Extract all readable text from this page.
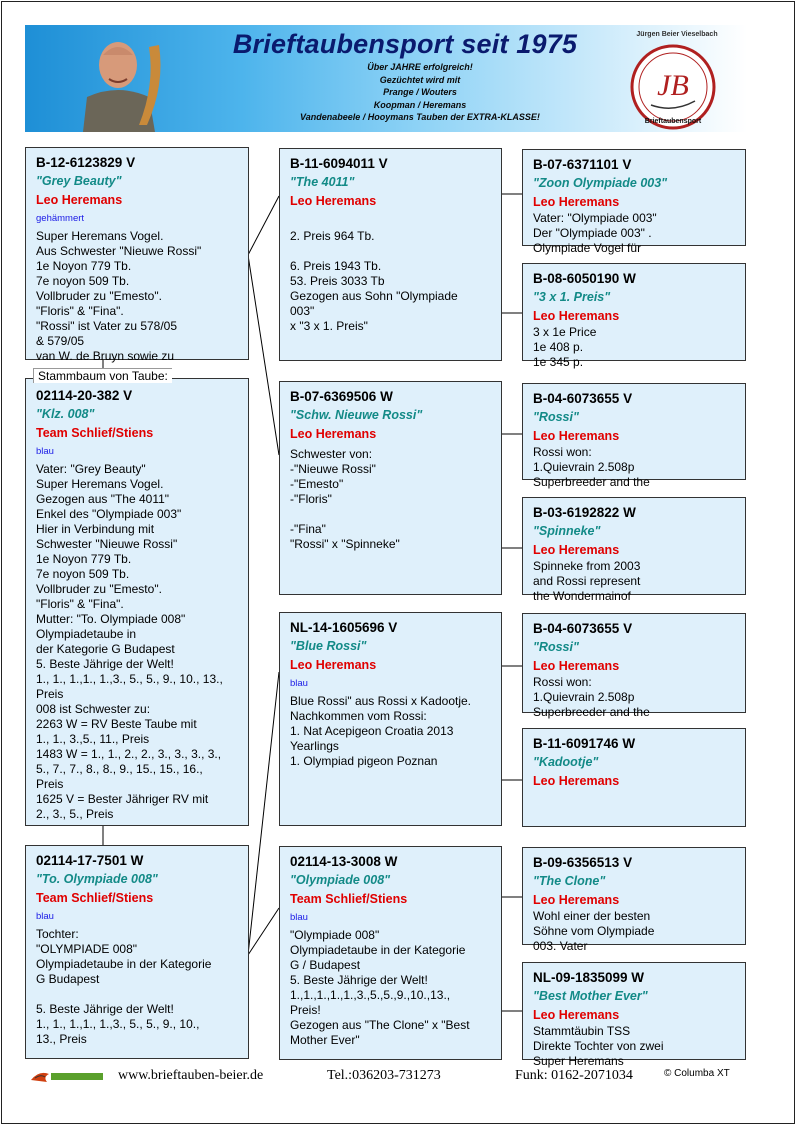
Brieftaubensport seit 1975
Über JAHRE erfolgreich!
Gezüchtet wird mit
Prange / Wouters
Koopman / Heremans
Vandenabeele / Hooymans Tauben der EXTRA-KLASSE!
Jürgen Beier Vieselbach
JB
Brieftaubensport
B-12-6123829 V
"Grey Beauty"
Leo Heremans
gehämmert
Super Heremans Vogel.
Aus Schwester "Nieuwe Rossi"
1e Noyon 779 Tb.
7e noyon 509 Tb.
Vollbruder zu "Emesto".
"Floris" & "Fina".
"Rossi" ist Vater zu 578/05
& 579/05
van W. de Bruyn sowie zu
02114-20-382 V
"Klz. 008"
Team Schlief/Stiens
blau
Vater: "Grey Beauty"
Super Heremans Vogel.
Gezogen aus "The 4011"
Enkel des "Olympiade 003"
Hier in Verbindung mit
Schwester "Nieuwe Rossi"
1e Noyon 779 Tb.
7e noyon 509 Tb.
Vollbruder zu "Emesto".
"Floris" & "Fina".
Mutter: "To. Olympiade 008"
Olympiadetaube in
der Kategorie G Budapest
5. Beste Jährige der Welt!
1., 1., 1.,1., 1.,3., 5., 5., 9., 10., 13.,
Preis
008 ist Schwester zu:
2263 W = RV Beste Taube mit
1., 1., 3.,5., 11., Preis
1483 W = 1., 1., 2., 2., 3., 3., 3., 3.,
5., 7., 7., 8., 8., 9., 15., 15., 16.,
Preis
1625 V = Bester Jähriger RV mit
2., 3., 5., Preis
Stammbaum von Taube:
02114-17-7501 W
"To. Olympiade 008"
Team Schlief/Stiens
blau
Tochter:
"OLYMPIADE 008"
Olympiadetaube in der Kategorie
G Budapest

5. Beste Jährige der Welt!
1., 1., 1.,1., 1.,3., 5., 5., 9., 10.,
13., Preis
B-11-6094011 V
"The 4011"
Leo Heremans

2. Preis 964 Tb.

6. Preis 1943 Tb.
53. Preis 3033 Tb
Gezogen aus Sohn "Olympiade
003"
x "3 x 1. Preis"
B-07-6369506 W
"Schw. Nieuwe Rossi"
Leo Heremans
Schwester von:
-"Nieuwe Rossi"
-"Emesto"
-"Floris"

-"Fina"
"Rossi" x "Spinneke"
NL-14-1605696 V
"Blue Rossi"
Leo Heremans
blau
Blue Rossi" aus Rossi x Kadootje.
Nachkommen vom Rossi:
1. Nat Acepigeon Croatia 2013
Yearlings
1. Olympiad pigeon Poznan
02114-13-3008 W
"Olympiade 008"
Team Schlief/Stiens
blau
"Olympiade 008"
Olympiadetaube in der Kategorie
G / Budapest
5. Beste Jährige der Welt!
1.,1.,1.,1.,1.,3.,5.,5.,9.,10.,13.,
Preis!
Gezogen aus "The Clone" x "Best
Mother Ever"
B-07-6371101 V
"Zoon Olympiade 003"
Leo Heremans
Vater: "Olympiade 003"
Der "Olympiade 003" .
Olympiade Vogel für
B-08-6050190 W
"3 x 1. Preis"
Leo Heremans
3 x 1e Price
1e 408 p.
1e 345 p.
B-04-6073655 V
"Rossi"
Leo Heremans
Rossi won:
1.Quievrain 2.508p
Superbreeder and the
B-03-6192822 W
"Spinneke"
Leo Heremans
Spinneke from 2003
and Rossi represent
the Wondermainof
B-04-6073655 V
"Rossi"
Leo Heremans
Rossi won:
1.Quievrain 2.508p
Superbreeder and the
B-11-6091746 W
"Kadootje"
Leo Heremans
B-09-6356513 V
"The Clone"
Leo Heremans
Wohl einer der besten
Söhne vom Olympiade
003. Vater
NL-09-1835099 W
"Best Mother Ever"
Leo Heremans
Stammtäubin TSS
Direkte Tochter von zwei
Super Heremans
www.brieftauben-beier.de	Tel.:036203-731273	Funk: 0162-2071034	© Columba XT
